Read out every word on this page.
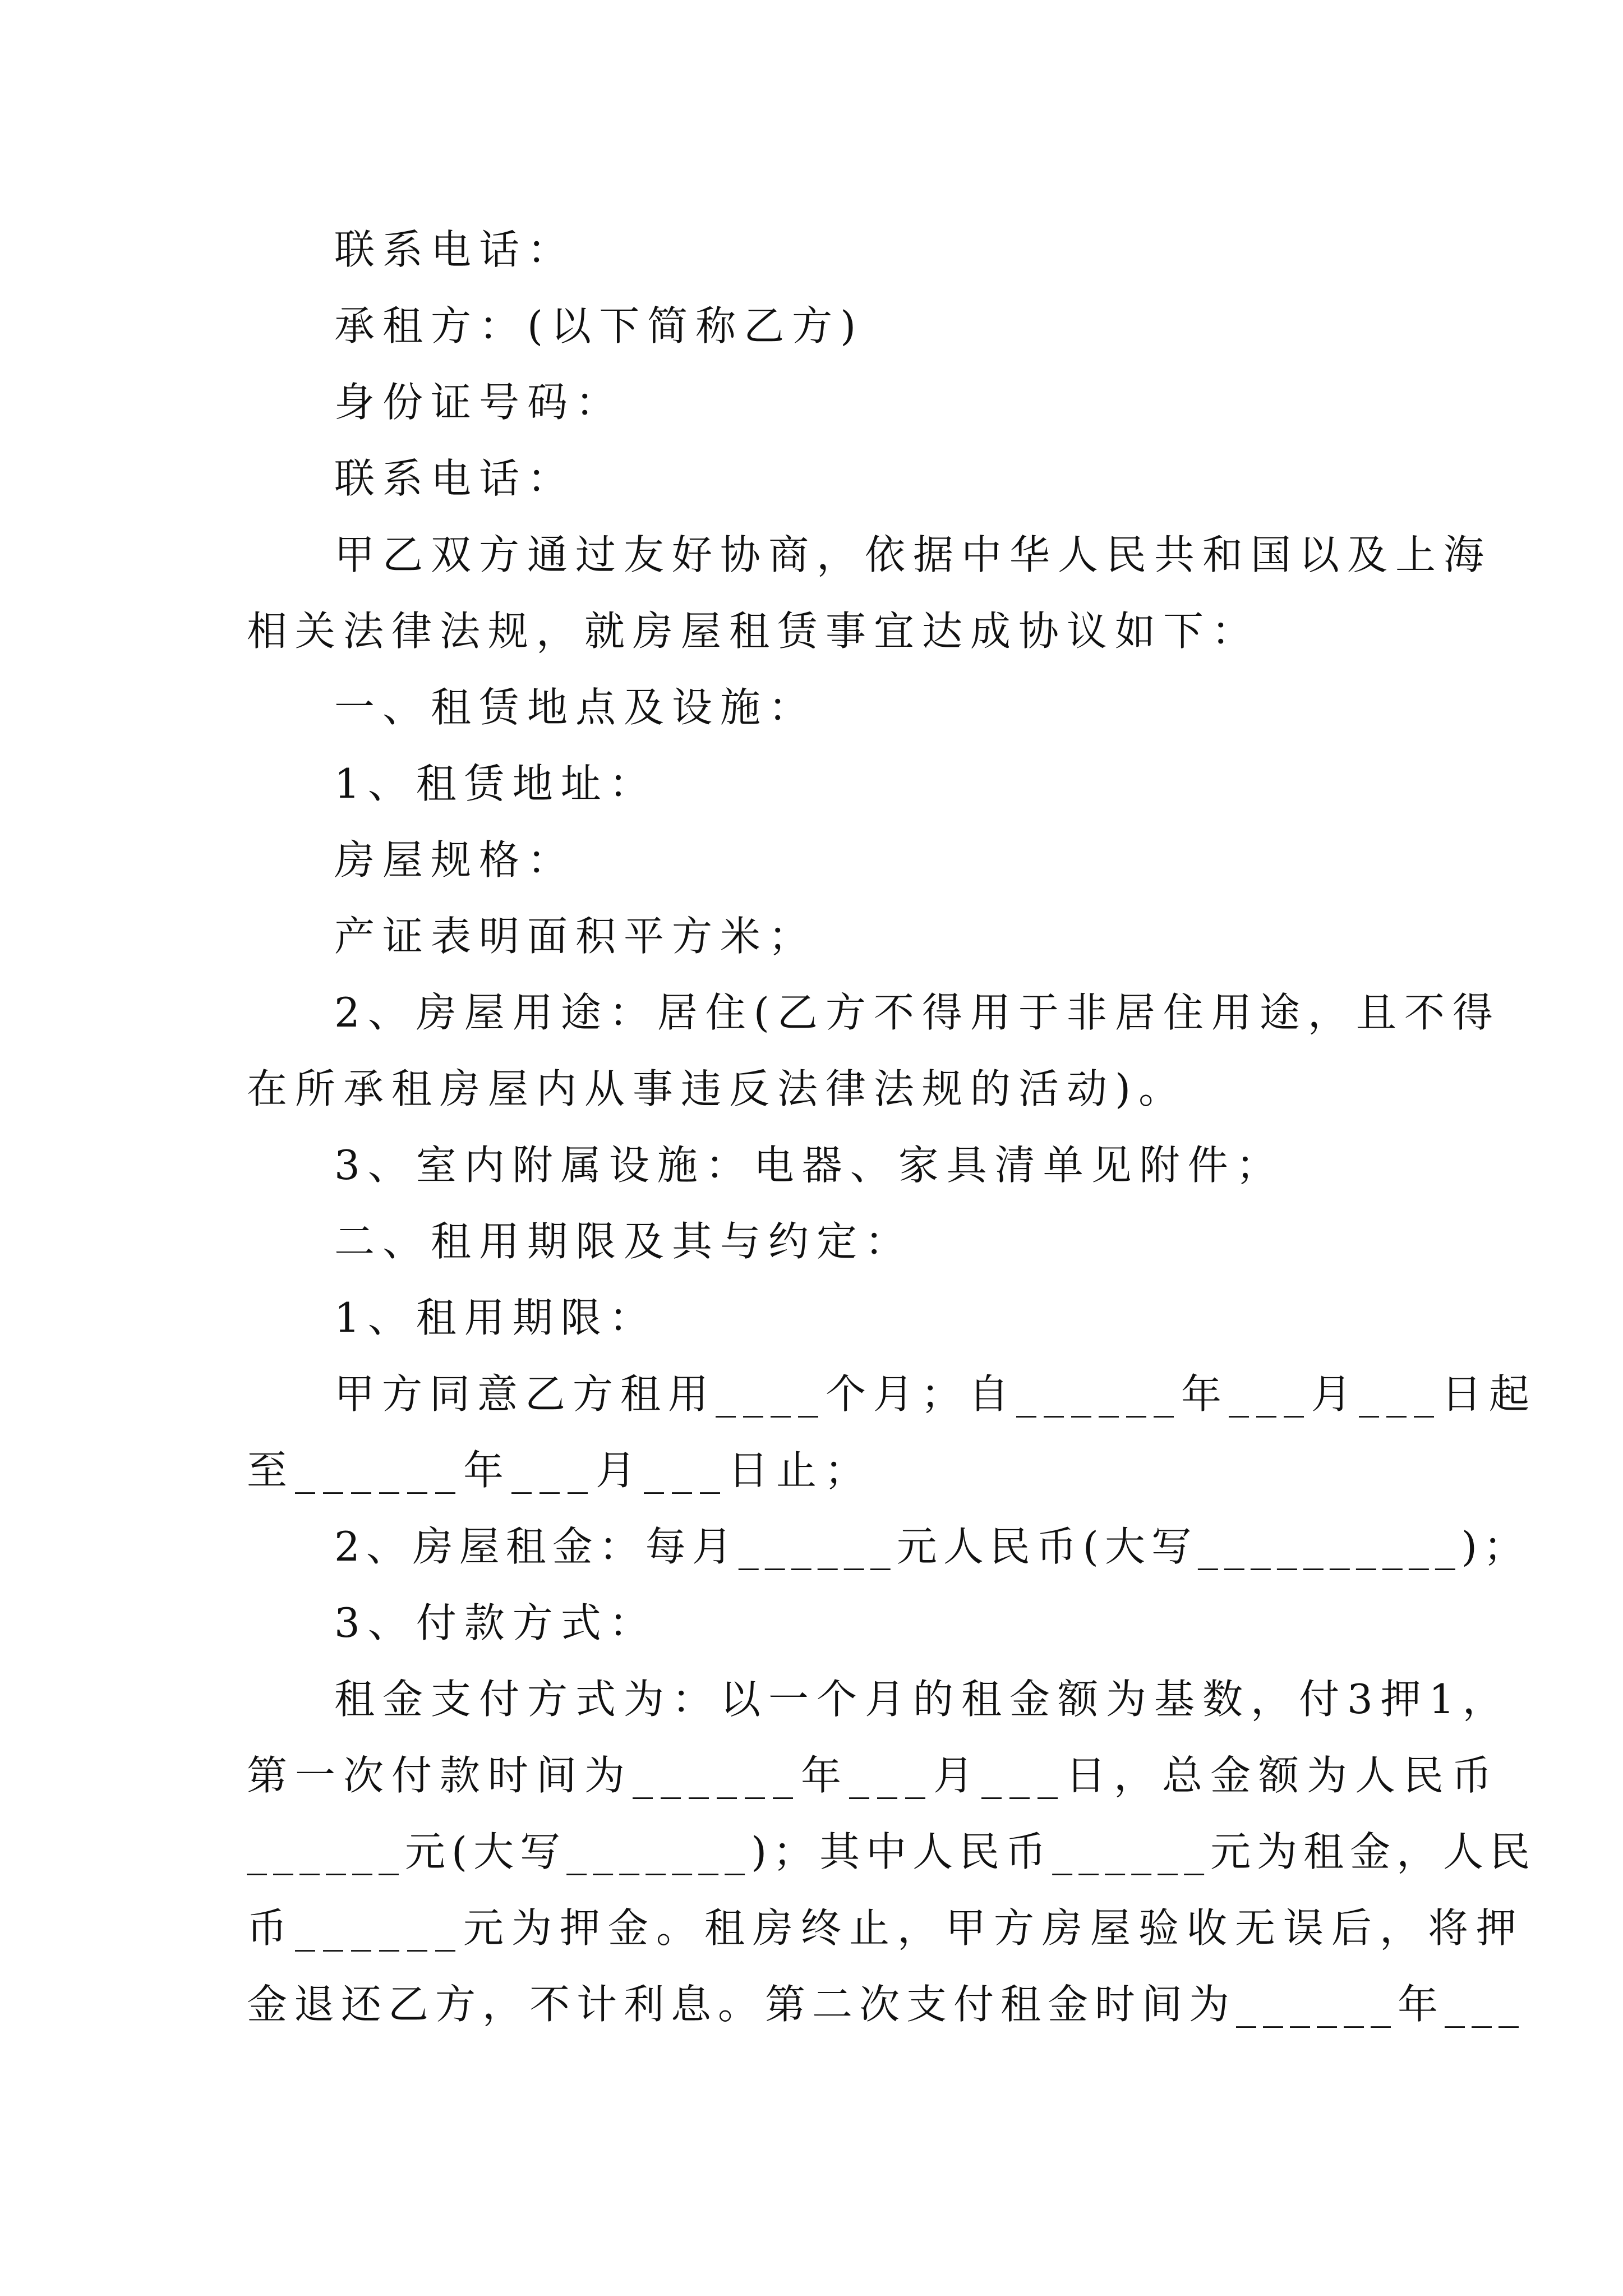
联系电话：
承租方：(以下简称乙方)
身份证号码：
联系电话：
甲乙双方通过友好协商，依据中华人民共和国以及上海
相关法律法规，就房屋租赁事宜达成协议如下：
一、租赁地点及设施：
1、租赁地址：
房屋规格：
产证表明面积平方米；
2、房屋用途：居住(乙方不得用于非居住用途，且不得
在所承租房屋内从事违反法律法规的活动)。
3、室内附属设施：电器、家具清单见附件；
二、租用期限及其与约定：
1、租用期限：
甲方同意乙方租用____个月；自______年___月___日起
至______年___月___日止；
2、房屋租金：每月______元人民币(大写__________)；
3、付款方式：
租金支付方式为：以一个月的租金额为基数，付3押1，
第一次付款时间为______年___月___日，总金额为人民币
______元(大写_______)；其中人民币______元为租金，人民
币______元为押金。租房终止，甲方房屋验收无误后，将押
金退还乙方，不计利息。第二次支付租金时间为______年___
